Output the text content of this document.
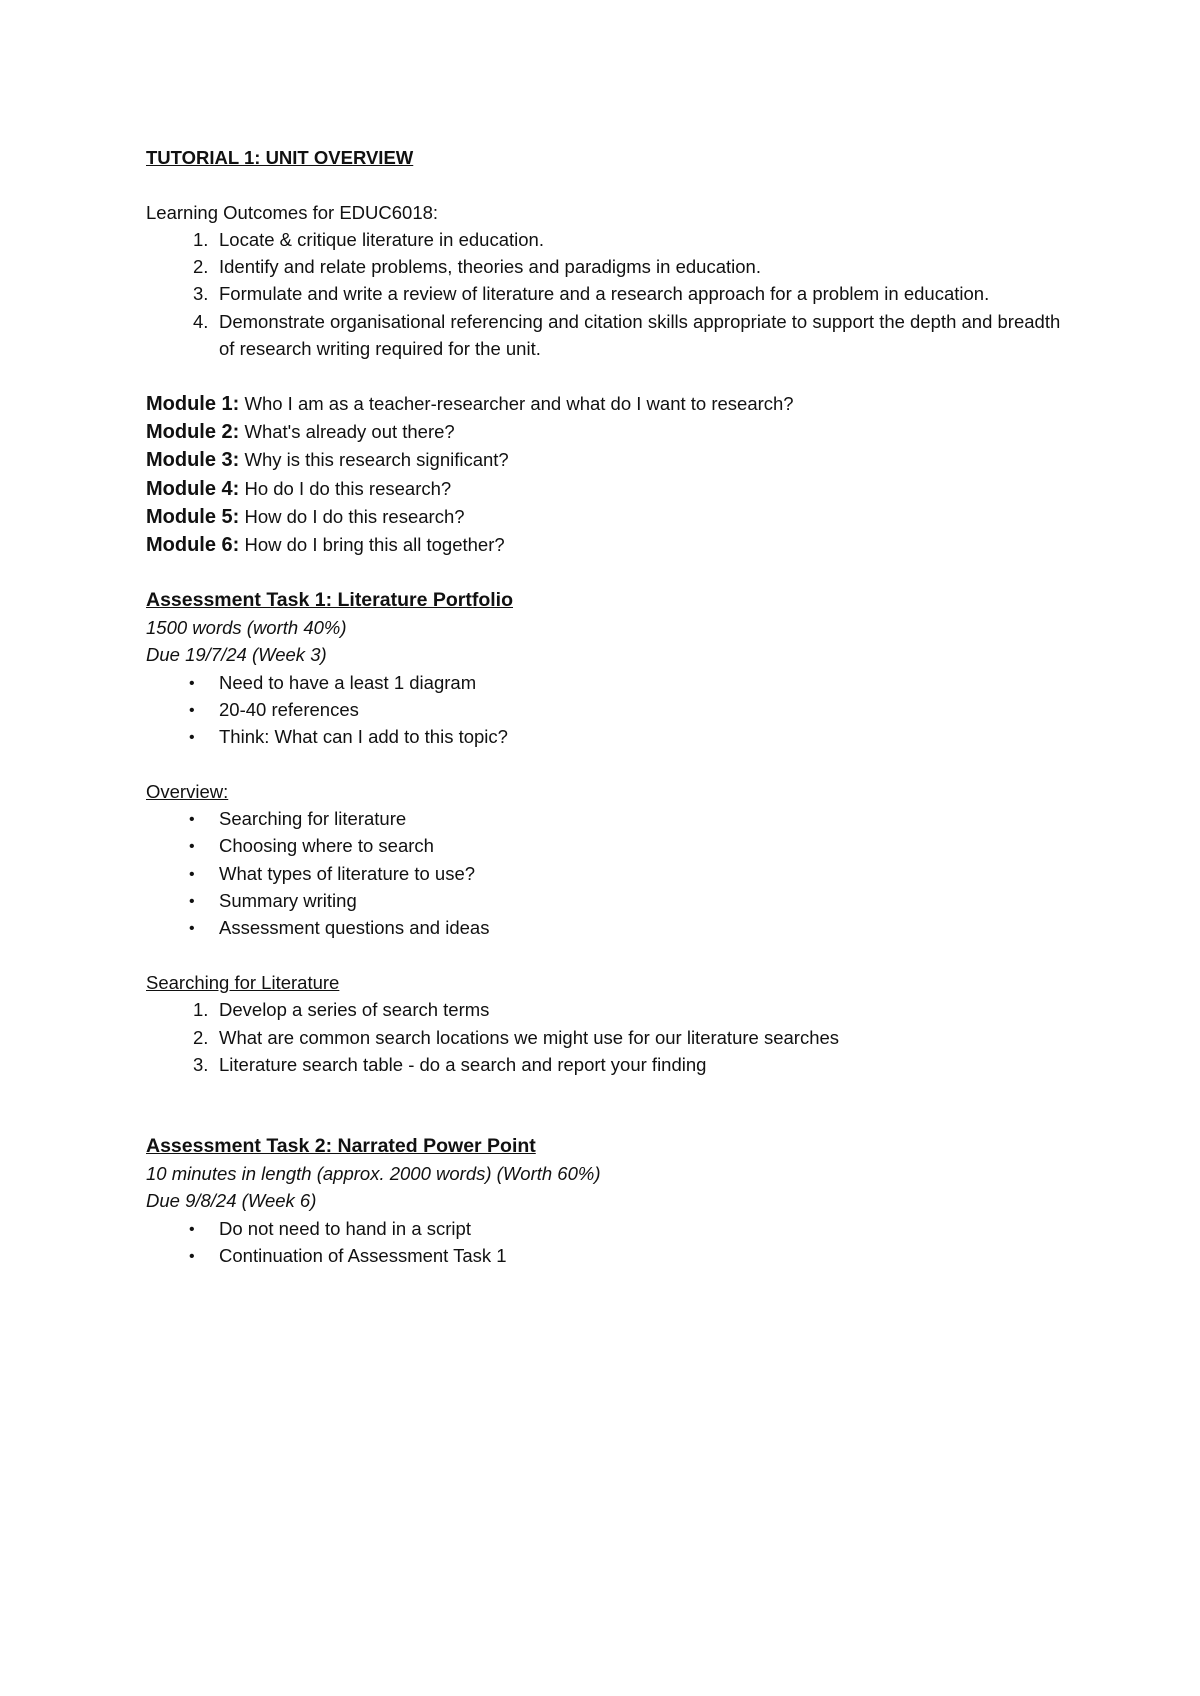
TUTORIAL 1: UNIT OVERVIEW

Learning Outcomes for EDUC6018:

1. Locate & critique literature in education.
2. Identify and relate problems, theories and paradigms in education.
3. Formulate and write a review of literature and a research approach for a problem in education.
4. Demonstrate organisational referencing and citation skills appropriate to support the depth and breadth of research writing required for the unit.

Module 1: Who I am as a teacher-researcher and what do I want to research?

Module 2: What's already out there?

Module 3: Why is this research significant?

Module 4: Ho do I do this research?

Module 5: How do I do this research?

Module 6: How do I bring this all together?

Assessment Task 1: Literature Portfolio

1500 words (worth 40%)

Due 19/7/24 (Week 3)

• Need to have a least 1 diagram
• 20-40 references
• Think: What can I add to this topic?

Overview:

• Searching for literature
• Choosing where to search
• What types of literature to use?
• Summary writing
• Assessment questions and ideas

Searching for Literature

1. Develop a series of search terms
2. What are common search locations we might use for our literature searches
3. Literature search table - do a search and report your finding

Assessment Task 2: Narrated Power Point

10 minutes in length (approx. 2000 words) (Worth 60%)

Due 9/8/24 (Week 6)

• Do not need to hand in a script
• Continuation of Assessment Task 1
